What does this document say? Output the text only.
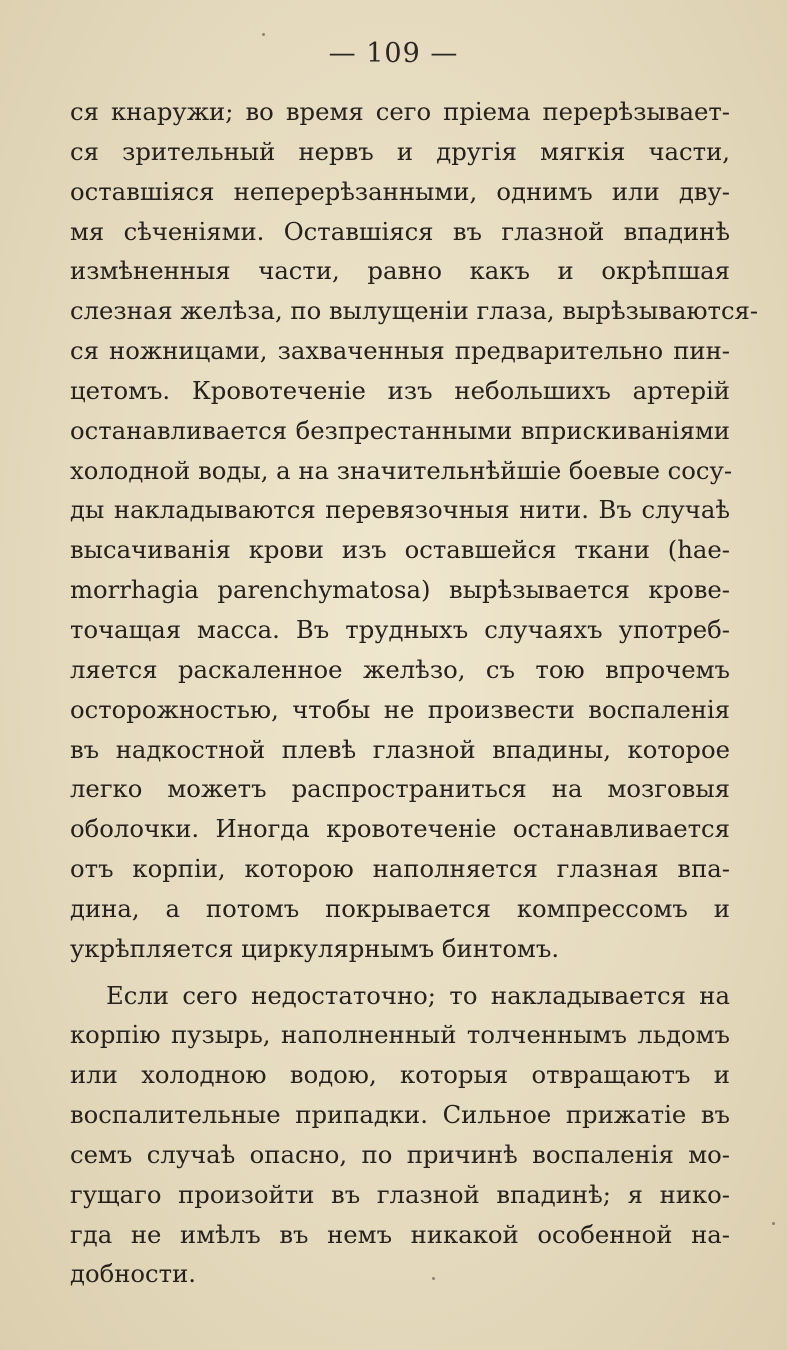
— 109 —
ся кнаружи; во время сего пріема перерѣзывает-
ся зрительный нервъ и другія мягкія части,
оставшіяся неперерѣзанными, однимъ или дву-
мя сѣченіями. Оставшіяся въ глазной впадинѣ
измѣненныя части, равно какъ и окрѣпшая
слезная желѣза, по вылущеніи глаза, вырѣзываются-
ся ножницами, захваченныя предварительно пин-
цетомъ. Кровотеченіе изъ небольшихъ артерій
останавливается безпрестанными вприскиваніями
холодной воды, а на значительнѣйшіе боевые сосу-
ды накладываются перевязочныя нити. Въ случаѣ
высачиванія крови изъ оставшейся ткани (haе-
morrhagia parenchymatosa) вырѣзывается крове-
точащая масса. Въ трудныхъ случаяхъ употреб-
ляется раскаленное желѣзо, съ тою впрочемъ
осторожностью, чтобы не произвести воспаленія
въ надкостной плевѣ глазной впадины, которое
легко можетъ распространиться на мозговыя
оболочки. Иногда кровотеченіе останавливается
отъ корпіи, которою наполняется глазная впа-
дина, а потомъ покрывается компрессомъ и
укрѣпляется циркулярнымъ бинтомъ.
Если сего недостаточно; то накладывается на
корпію пузырь, наполненный толченнымъ льдомъ
или холодною водою, которыя отвращаютъ и
воспалительные припадки. Сильное прижатіе въ
семъ случаѣ опасно, по причинѣ воспаленія мо-
гущаго произойти въ глазной впадинѣ; я нико-
гда не имѣлъ въ немъ никакой особенной на-
добности.
